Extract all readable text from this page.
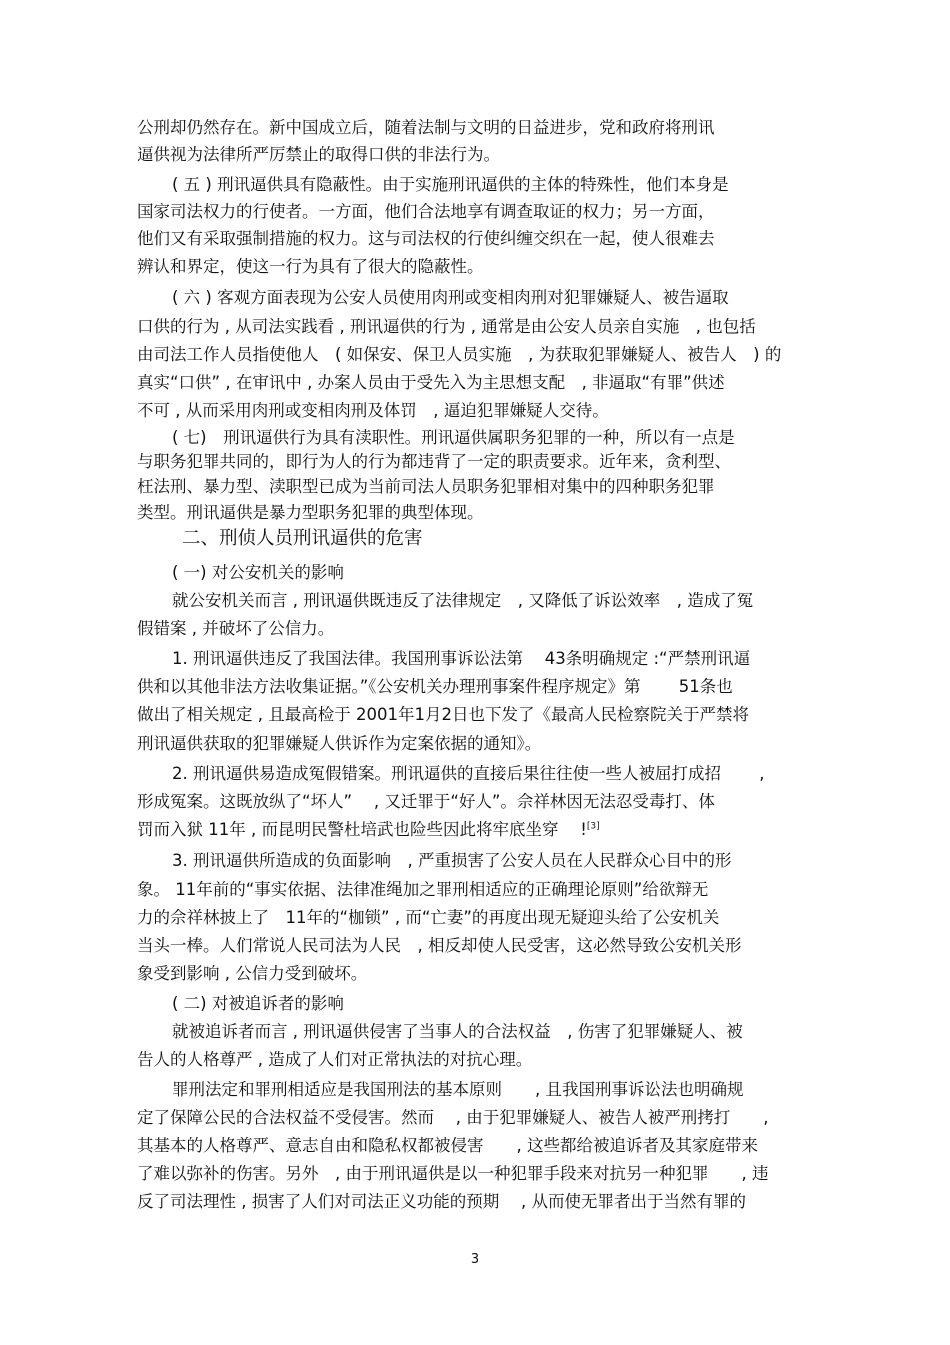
公刑却仍然存在。新中国成立后，随着法制与文明的日益进步，党和政府将刑讯
逼供视为法律所严厉禁止的取得口供的非法行为。
( 五 ) 刑讯逼供具有隐蔽性。由于实施刑讯逼供的主体的特殊性，他们本身是
国家司法权力的行使者。一方面，他们合法地享有调查取证的权力；另一方面，
他们又有采取强制措施的权力。这与司法权的行使纠缠交织在一起，使人很难去
辨认和界定，使这一行为具有了很大的隐蔽性。
( 六 ) 客观方面表现为公安人员使用肉刑或变相肉刑对犯罪嫌疑人、被告逼取
口供的行为 , 从司法实践看 , 刑讯逼供的行为 , 通常是由公安人员亲自实施　, 也包括
由司法工作人员指使他人　( 如保安、保卫人员实施　, 为获取犯罪嫌疑人、被告人　) 的
真实“口供” , 在审讯中 , 办案人员由于受先入为主思想支配　, 非逼取“有罪”供述
不可 , 从而采用肉刑或变相肉刑及体罚　, 逼迫犯罪嫌疑人交待。
( 七)　刑讯逼供行为具有渎职性。刑讯逼供属职务犯罪的一种，所以有一点是
与职务犯罪共同的，即行为人的行为都违背了一定的职责要求。近年来，贪利型、
枉法刑、暴力型、渎职型已成为当前司法人员职务犯罪相对集中的四种职务犯罪
类型。刑讯逼供是暴力型职务犯罪的典型体现。
二、刑侦人员刑讯逼供的危害
( 一) 对公安机关的影响
就公安机关而言 , 刑讯逼供既违反了法律规定　, 又降低了诉讼效率　, 造成了冤
假错案 , 并破坏了公信力。
1. 刑讯逼供违反了我国法律。我国刑事诉讼法第　 43条明确规定 :“严禁刑讯逼
供和以其他非法方法收集证据。”《公安机关办理刑事案件程序规定》第　　 51条也
做出了相关规定 , 且最高检于 2001年1月2日也下发了《最高人民检察院关于严禁将
刑讯逼供获取的犯罪嫌疑人供诉作为定案依据的通知》。
2. 刑讯逼供易造成冤假错案。刑讯逼供的直接后果往往使一些人被屈打成招　　 ,
形成冤案。这既放纵了“坏人”　 , 又迁罪于“好人”。佘祥林因无法忍受毒打、体
罚而入狱 11年 , 而昆明民警杜培武也险些因此将牢底坐穿　 ![3]
3. 刑讯逼供所造成的负面影响　, 严重损害了公安人员在人民群众心目中的形
象。 11年前的“事实依据、法律准绳加之罪刑相适应的正确理论原则”给欲辩无
力的佘祥林披上了　11年的“枷锁” , 而“亡妻”的再度出现无疑迎头给了公安机关
当头一棒。人们常说人民司法为人民　, 相反却使人民受害，这必然导致公安机关形
象受到影响 , 公信力受到破坏。
( 二) 对被追诉者的影响
就被追诉者而言 , 刑讯逼供侵害了当事人的合法权益　, 伤害了犯罪嫌疑人、被
告人的人格尊严 , 造成了人们对正常执法的对抗心理。
罪刑法定和罪刑相适应是我国刑法的基本原则　　, 且我国刑事诉讼法也明确规
定了保障公民的合法权益不受侵害。然而　 , 由于犯罪嫌疑人、被告人被严刑拷打　　,
其基本的人格尊严、意志自由和隐私权都被侵害　　, 这些都给被追诉者及其家庭带来
了难以弥补的伤害。另外　, 由于刑讯逼供是以一种犯罪手段来对抗另一种犯罪　　, 违
反了司法理性 , 损害了人们对司法正义功能的预期　 , 从而使无罪者出于当然有罪的
3
